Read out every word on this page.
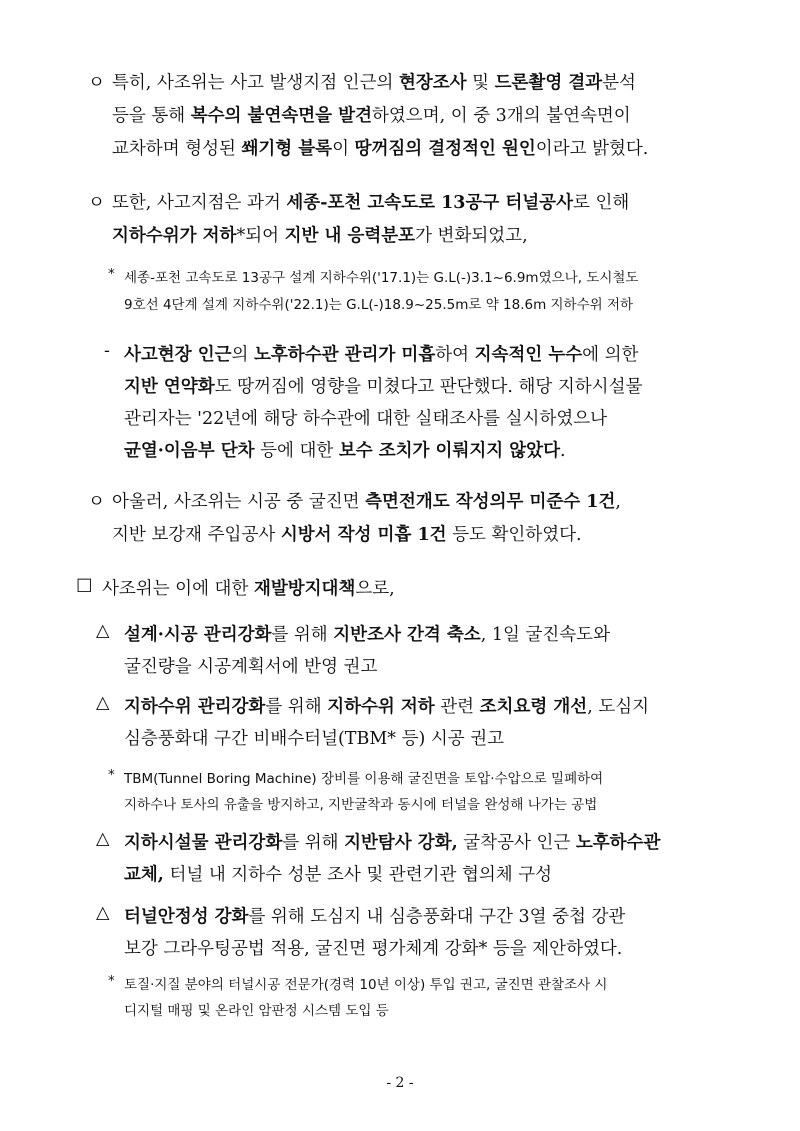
ㅇ 특히, 사조위는 사고 발생지점 인근의 현장조사 및 드론촬영 결과분석
등을 통해 복수의 불연속면을 발견하였으며, 이 중 3개의 불연속면이
교차하며 형성된 쐐기형 블록이 땅꺼짐의 결정적인 원인이라고 밝혔다.
ㅇ 또한, 사고지점은 과거 세종-포천 고속도로 13공구 터널공사로 인해
지하수위가 저하*되어 지반 내 응력분포가 변화되었고,
* 세종-포천 고속도로 13공구 설계 지하수위('17.1)는 G.L(-)3.1~6.9m였으나, 도시철도
9호선 4단계 설계 지하수위('22.1)는 G.L(-)18.9~25.5m로 약 18.6m 지하수위 저하
- 사고현장 인근의 노후하수관 관리가 미흡하여 지속적인 누수에 의한
지반 연약화도 땅꺼짐에 영향을 미쳤다고 판단했다. 해당 지하시설물
관리자는 '22년에 해당 하수관에 대한 실태조사를 실시하였으나
균열·이음부 단차 등에 대한 보수 조치가 이뤄지지 않았다.
ㅇ 아울러, 사조위는 시공 중 굴진면 측면전개도 작성의무 미준수 1건,
지반 보강재 주입공사 시방서 작성 미흡 1건 등도 확인하였다.
□ 사조위는 이에 대한 재발방지대책으로,
△ 설계·시공 관리강화를 위해 지반조사 간격 축소, 1일 굴진속도와
굴진량을 시공계획서에 반영 권고
△ 지하수위 관리강화를 위해 지하수위 저하 관련 조치요령 개선, 도심지
심층풍화대 구간 비배수터널(TBM* 등) 시공 권고
* TBM(Tunnel Boring Machine) 장비를 이용해 굴진면을 토압·수압으로 밀폐하여
지하수나 토사의 유출을 방지하고, 지반굴착과 동시에 터널을 완성해 나가는 공법
△ 지하시설물 관리강화를 위해 지반탐사 강화, 굴착공사 인근 노후하수관
교체, 터널 내 지하수 성분 조사 및 관련기관 협의체 구성
△ 터널안정성 강화를 위해 도심지 내 심층풍화대 구간 3열 중첩 강관
보강 그라우팅공법 적용, 굴진면 평가체계 강화* 등을 제안하였다.
* 토질·지질 분야의 터널시공 전문가(경력 10년 이상) 투입 권고, 굴진면 관찰조사 시
디지털 매핑 및 온라인 암판정 시스템 도입 등
- 2 -
